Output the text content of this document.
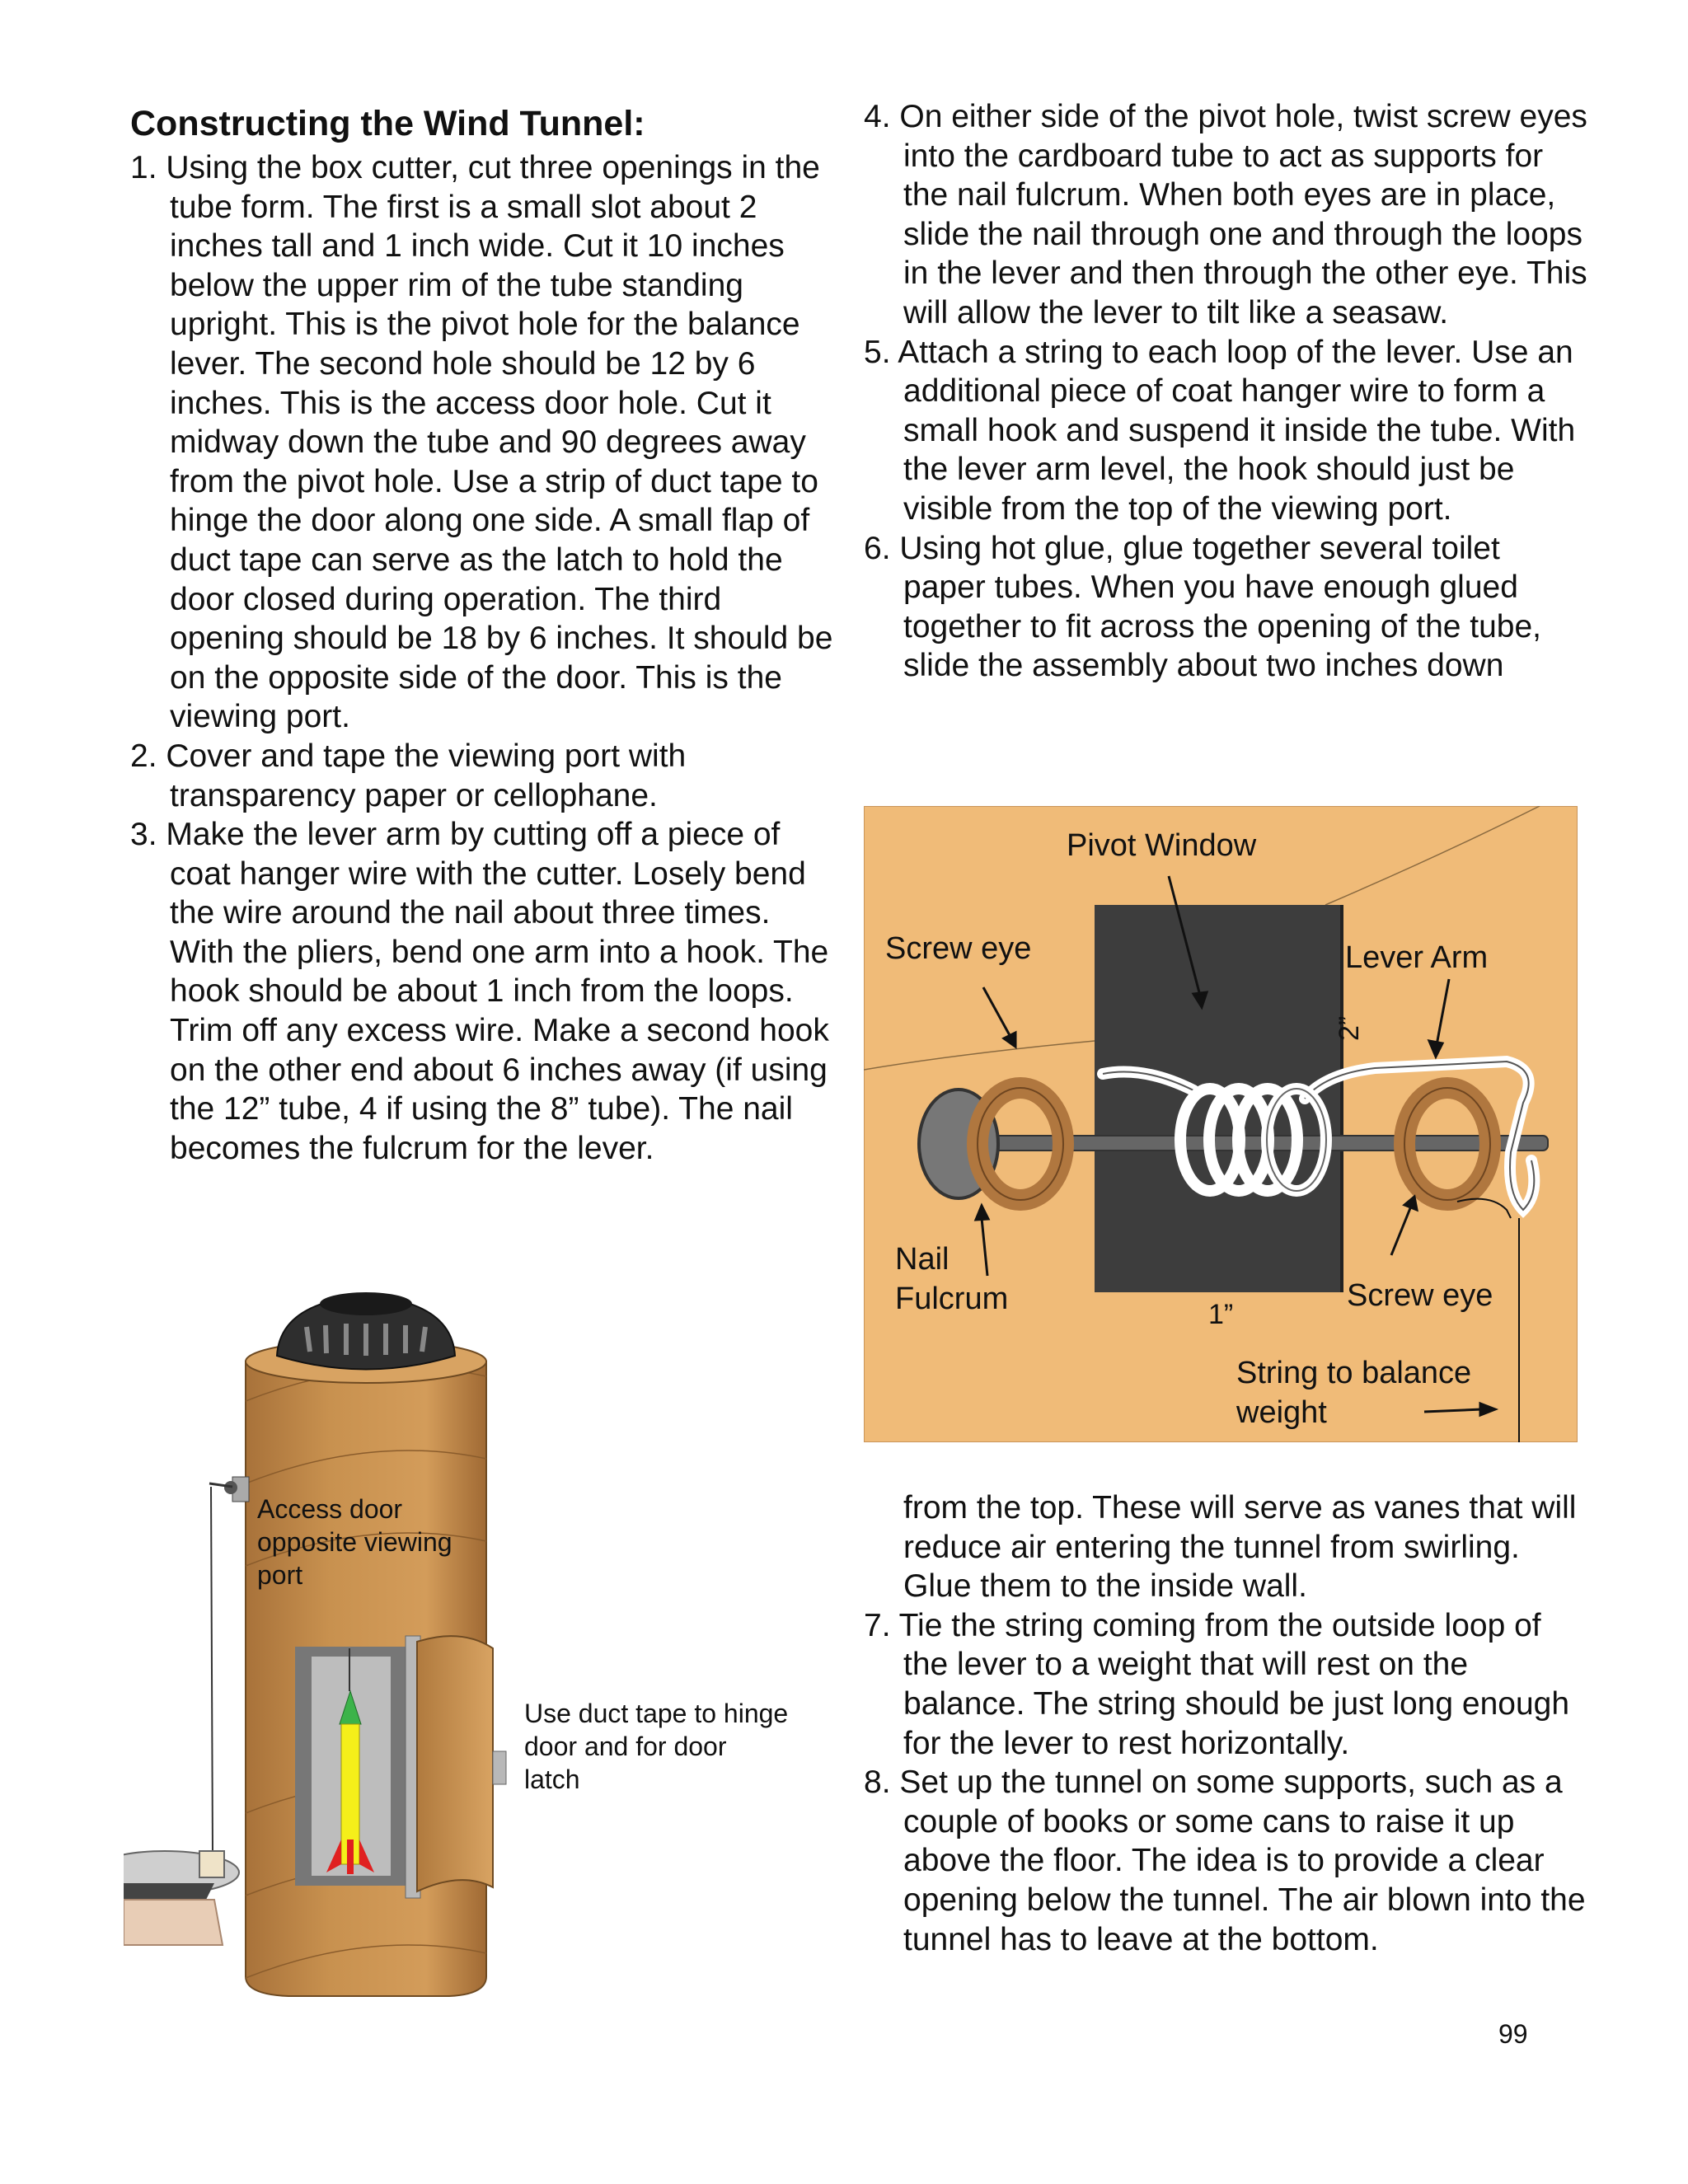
Constructing the Wind Tunnel:
1. Using the box cutter, cut three openings in the tube form. The first is a small slot about 2 inches tall and 1 inch wide. Cut it 10 inches below the upper rim of the tube standing upright. This is the pivot hole for the balance lever. The second hole should be 12 by 6 inches. This is the access door hole. Cut it midway down the tube and 90 degrees away from the pivot hole. Use a strip of duct tape to hinge the door along one side. A small flap of duct tape can serve as the latch to hold the door closed during operation. The third opening should be 18 by 6 inches. It should be on the opposite side of the door. This is the viewing port.
2. Cover and tape the viewing port with transparency paper or cellophane.
3. Make the lever arm by cutting off a piece of coat hanger wire with the cutter. Losely bend the wire around the nail about three times. With the pliers, bend one arm into a hook. The hook should be about 1 inch from the loops. Trim off any excess wire. Make a second hook on the other end about 6 inches away (if using the 12” tube, 4 if using the 8” tube). The nail becomes the fulcrum for the lever.
4. On either side of the pivot hole, twist screw eyes into the cardboard tube to act as supports for the nail fulcrum. When both eyes are in place, slide the nail through one and through the loops in the lever and then through the other eye. This will allow the lever to tilt like a seasaw.
5. Attach a string to each loop of the lever. Use an additional piece of coat hanger wire to form a small hook and suspend it inside the tube. With the lever arm level, the hook should just be visible from the top of the viewing port.
6. Using hot glue, glue together several toilet paper tubes. When you have enough glued together to fit across the opening of the tube, slide the assembly about two inches down
Pivot Window
Screw eye	Lever Arm
2”
Nail
Fulcrum	1”
Screw eye
String to balance
weight
from the top. These will serve as vanes that will reduce air entering the tunnel from swirling. Glue them to the inside wall.
7. Tie the string coming from the outside loop of the lever to a weight that will rest on the balance. The string should be just long enough for the lever to rest horizontally.
8. Set up the tunnel on some supports, such as a couple of books or some cans to raise it up above the floor. The idea is to provide a clear opening below the tunnel. The air blown into the tunnel has to leave at the bottom.
Access door
opposite viewing
port
Use duct tape to hinge
door and for door
latch
99
